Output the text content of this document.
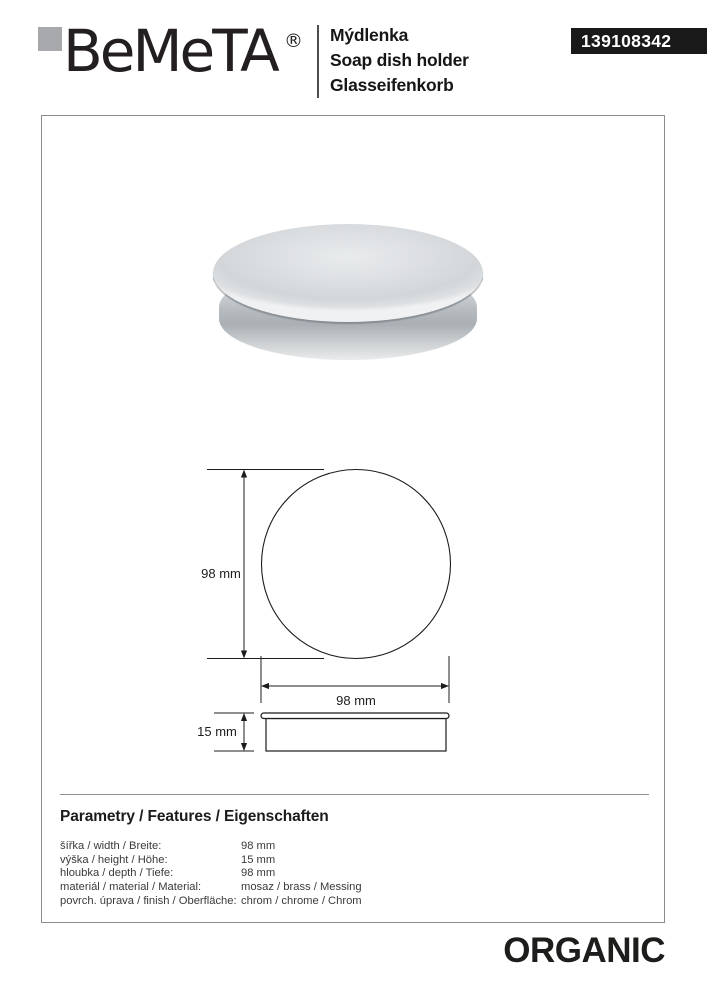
BeMeTA ® Mýdlenka
Soap dish holder
Glasseifenkorb
139108342
98 mm
98 mm
15 mm
Parametry / Features / Eigenschaften
šířka / width / Breite:	98 mm
výška / height / Höhe:	15 mm
hloubka / depth / Tiefe:	98 mm
materiál / material / Material:	mosaz / brass / Messing
povrch. úprava / finish / Oberfläche: chrom / chrome / Chrom
ORGANIC
